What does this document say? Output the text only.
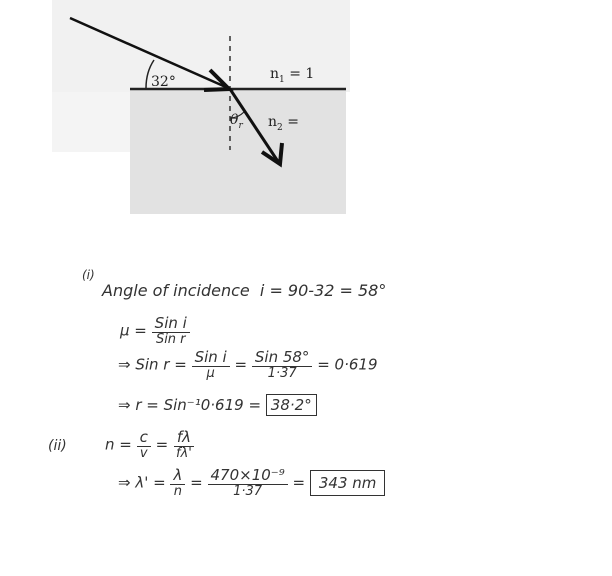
32°	$n_1 = 1$
$n_2$ =
$\theta_r$
(i)
Angle of incidence i = 90-32 = 58°
$\mu = \frac{\text{Sin i}}{\text{Sin r}}$
⇒ Sin $r = \frac{\text{Sin i}}{\mu} = \frac{\text{Sin 58°}}{1\cdot 37} = 0\cdot 619$
⇒ r = Sin⁻¹0·619 = 38·2°
(ii)	$n = \frac{c}{v} = \frac{f\lambda}{f\lambda'}$
⇒ $\lambda' = \frac{\lambda}{n} = \frac{\text{470×10⁻⁹}}{1\cdot 37} = 343$ nm
